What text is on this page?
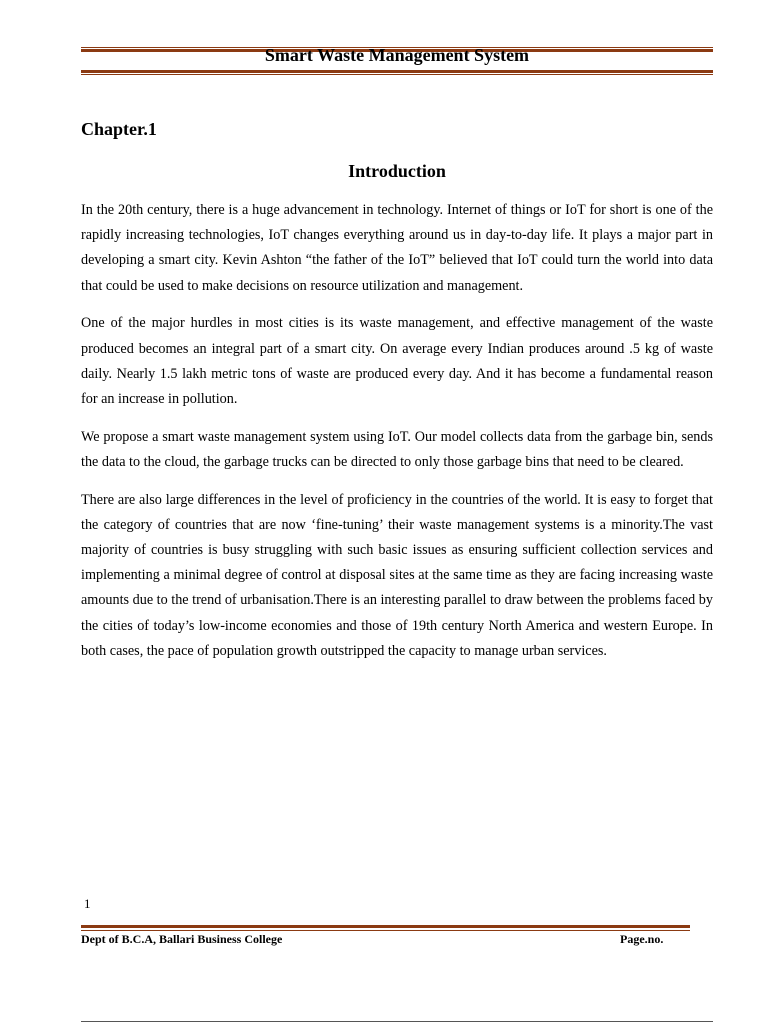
Smart Waste Management System
Chapter.1
Introduction

In the 20th century, there is a huge advancement in technology. Internet of things or IoT for short is one of the rapidly increasing technologies, IoT changes everything around us in day-to-day life. It plays a major part in developing a smart city. Kevin Ashton “the father of the IoT” believed that IoT could turn the world into data that could be used to make decisions on resource utilization and management.

One of the major hurdles in most cities is its waste management, and effective management of the waste produced becomes an integral part of a smart city. On average every Indian produces around .5 kg of waste daily. Nearly 1.5 lakh metric tons of waste are produced every day. And it has become a fundamental reason for an increase in pollution.

We propose a smart waste management system using IoT. Our model collects data from the garbage bin, sends the data to the cloud, the garbage trucks can be directed to only those garbage bins that need to be cleared.

There are also large differences in the level of proficiency in the countries of the world. It is easy to forget that the category of countries that are now ‘fine-tuning’ their waste management systems is a minority.The vast majority of countries is busy struggling with such basic issues as ensuring sufficient collection services and implementing a minimal degree of control at disposal sites at the same time as they are facing increasing waste amounts due to the trend of urbanisation.There is an interesting parallel to draw between the problems faced by the cities of today’s low-income economies and those of 19th century North America and western Europe. In both cases, the pace of population growth outstripped the capacity to manage urban services.

1
Dept of B.C.A, Ballari Business College	Page.no.
